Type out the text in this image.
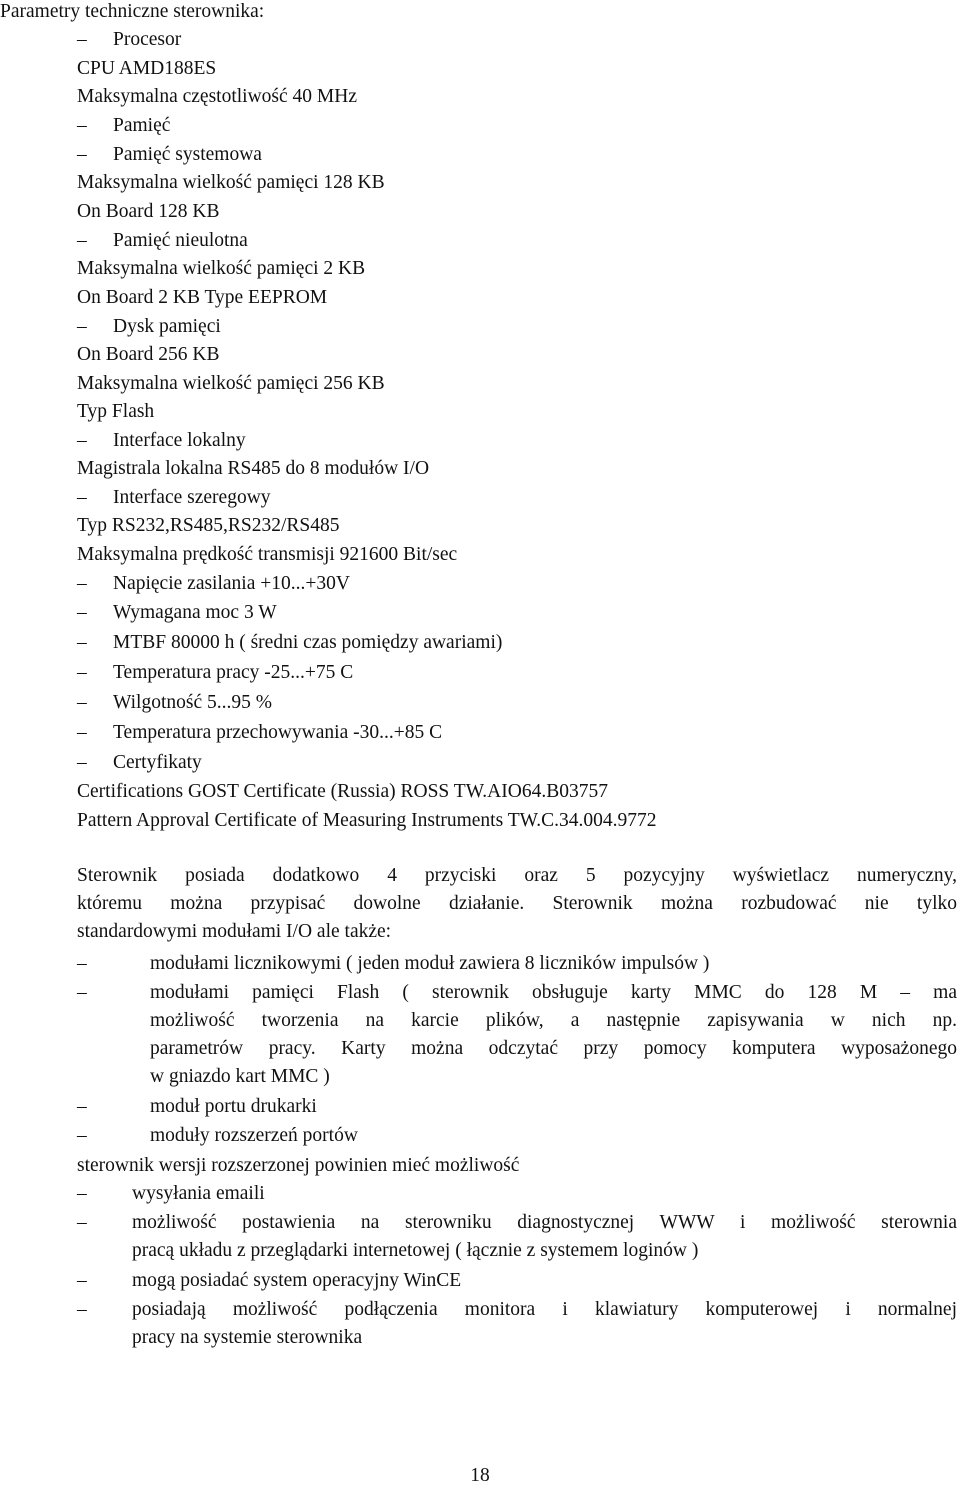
Parametry techniczne sterownika:
–Procesor
CPU AMD188ES
Maksymalna częstotliwość 40 MHz
–Pamięć
–Pamięć systemowa
Maksymalna wielkość pamięci 128 KB
On Board 128 KB
–Pamięć nieulotna
Maksymalna wielkość pamięci 2 KB
On Board 2 KB Type EEPROM
–Dysk pamięci
On Board 256 KB
Maksymalna wielkość pamięci 256 KB
Typ Flash
–Interface lokalny
Magistrala lokalna RS485 do 8 modułów I/O
–Interface szeregowy
Typ RS232,RS485,RS232/RS485
Maksymalna prędkość transmisji 921600 Bit/sec
–Napięcie zasilania +10...+30V
–Wymagana moc 3 W
–MTBF 80000 h ( średni czas pomiędzy awariami)
–Temperatura pracy -25...+75 C
–Wilgotność 5...95 %
–Temperatura przechowywania -30...+85 C
–Certyfikaty
Certifications GOST Certificate (Russia) ROSS TW.AIO64.B03757
Pattern Approval Certificate of Measuring Instruments TW.C.34.004.9772
Sterownik posiada dodatkowo 4 przyciski oraz 5 pozycyjny wyświetlacz numeryczny,
któremu można przypisać dowolne działanie. Sterownik można rozbudować nie tylko
standardowymi modułami I/O ale także:
–
modułami licznikowymi ( jeden moduł zawiera 8 liczników impulsów )
–
modułami pamięci Flash ( sterownik obsługuje karty MMC do 128 M – ma
możliwość tworzenia na karcie plików, a następnie zapisywania w nich np.
parametrów pracy. Karty można odczytać przy pomocy komputera wyposażonego
w gniazdo kart MMC )
–
moduł portu drukarki
–
moduły rozszerzeń portów
sterownik wersji rozszerzonej powinien mieć możliwość
–
wysyłania emaili
–
możliwość postawienia na sterowniku diagnostycznej WWW i możliwość sterownia
pracą układu z przeglądarki internetowej ( łącznie z systemem loginów )
–
mogą posiadać system operacyjny WinCE
–
posiadają możliwość podłączenia monitora i klawiatury komputerowej i normalnej
pracy na systemie sterownika
18
